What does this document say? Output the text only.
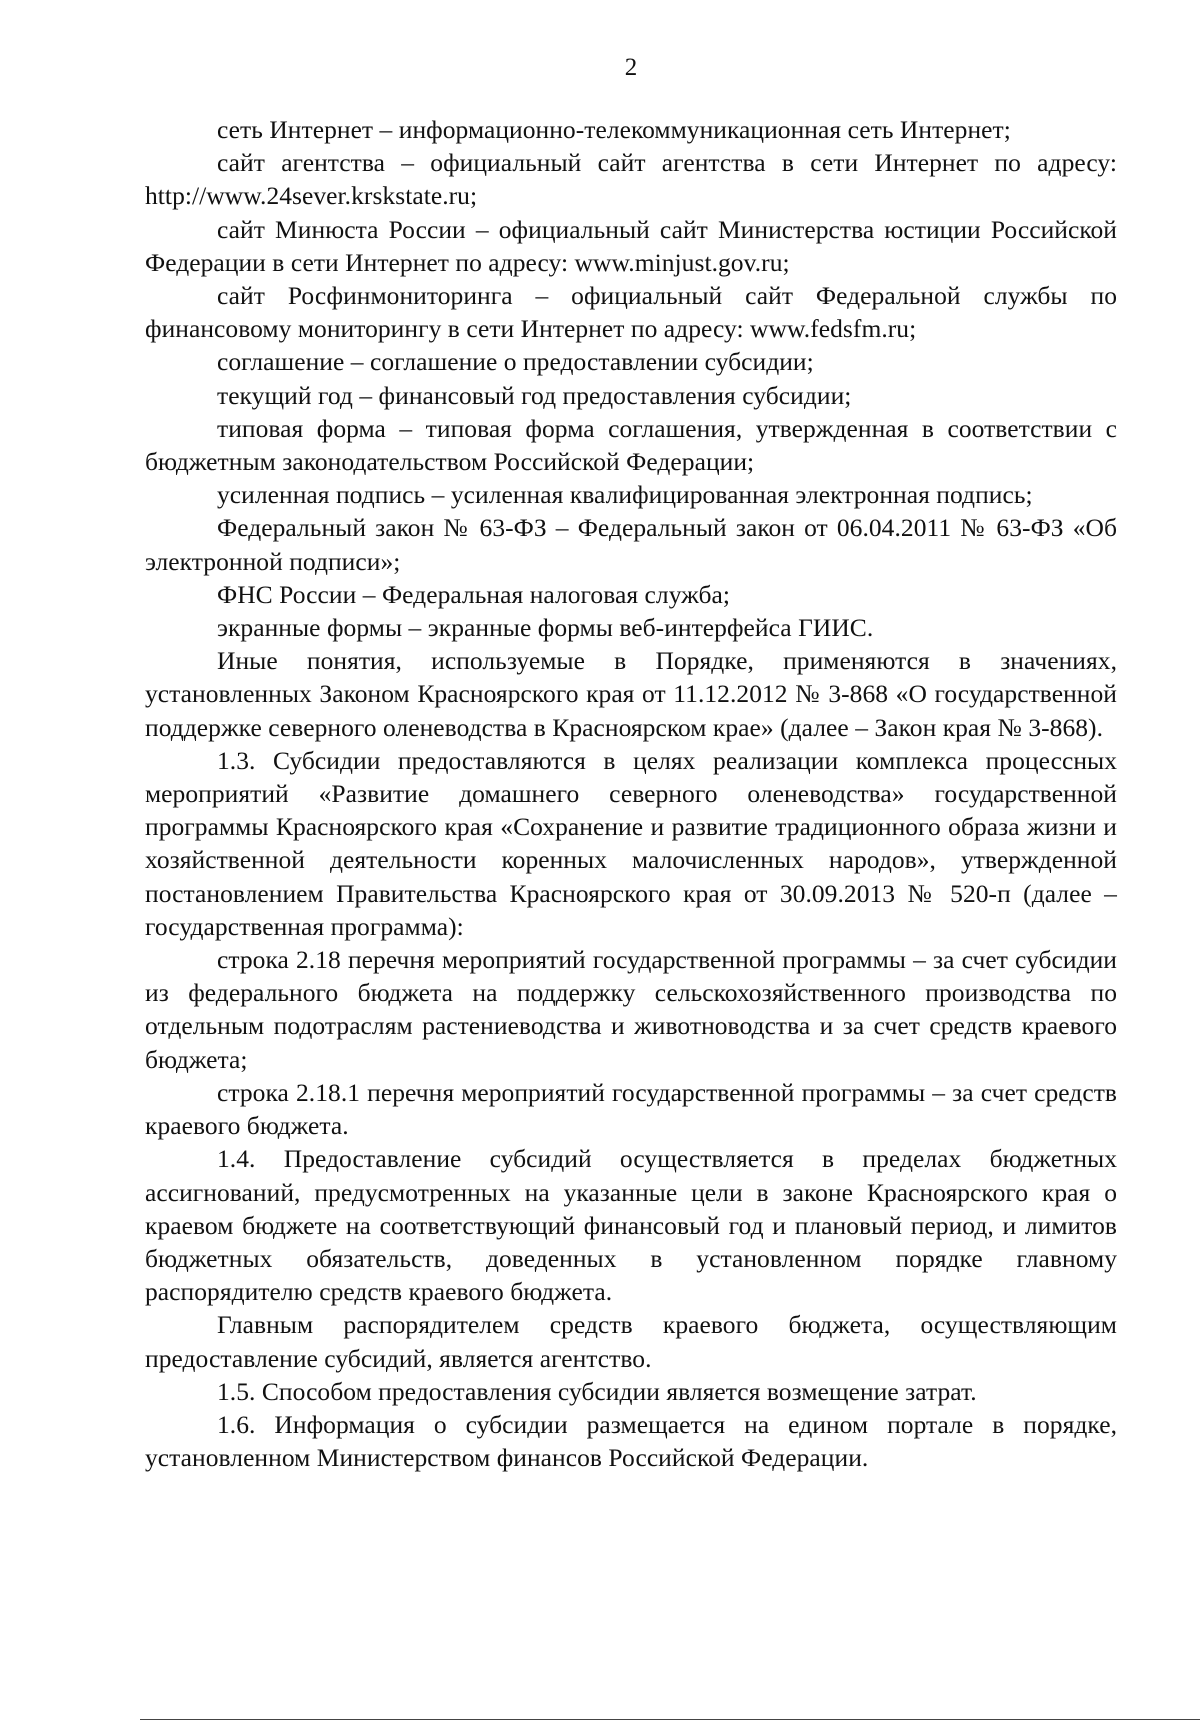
2

сеть Интернет – информационно-телекоммуникационная сеть Интернет;

сайт агентства – официальный сайт агентства в сети Интернет по адресу: http://www.24sever.krskstate.ru;

сайт Минюста России – официальный сайт Министерства юстиции Российской Федерации в сети Интернет по адресу: www.minjust.gov.ru;

сайт Росфинмониторинга – официальный сайт Федеральной службы по финансовому мониторингу в сети Интернет по адресу: www.fedsfm.ru;

соглашение – соглашение о предоставлении субсидии;

текущий год – финансовый год предоставления субсидии;

типовая форма – типовая форма соглашения, утвержденная в соответствии с бюджетным законодательством Российской Федерации;

усиленная подпись – усиленная квалифицированная электронная подпись;

Федеральный закон № 63-ФЗ – Федеральный закон от 06.04.2011 № 63-ФЗ «Об электронной подписи»;

ФНС России – Федеральная налоговая служба;

экранные формы – экранные формы веб-интерфейса ГИИС.

Иные понятия, используемые в Порядке, применяются в значениях, установленных Законом Красноярского края от 11.12.2012 № 3-868 «О государственной поддержке северного оленеводства в Красноярском крае» (далее – Закон края № 3-868).

1.3. Субсидии предоставляются в целях реализации комплекса процессных мероприятий «Развитие домашнего северного оленеводства» государственной программы Красноярского края «Сохранение и развитие традиционного образа жизни и хозяйственной деятельности коренных малочисленных народов», утвержденной постановлением Правительства Красноярского края от 30.09.2013 № 520-п (далее – государственная программа):

строка 2.18 перечня мероприятий государственной программы – за счет субсидии из федерального бюджета на поддержку сельскохозяйственного производства по отдельным подотраслям растениеводства и животноводства и за счет средств краевого бюджета;

строка 2.18.1 перечня мероприятий государственной программы – за счет средств краевого бюджета.

1.4. Предоставление субсидий осуществляется в пределах бюджетных ассигнований, предусмотренных на указанные цели в законе Красноярского края о краевом бюджете на соответствующий финансовый год и плановый период, и лимитов бюджетных обязательств, доведенных в установленном порядке главному распорядителю средств краевого бюджета.

Главным распорядителем средств краевого бюджета, осуществляющим предоставление субсидий, является агентство.

1.5. Способом предоставления субсидии является возмещение затрат.

1.6. Информация о субсидии размещается на едином портале в порядке, установленном Министерством финансов Российской Федерации.
